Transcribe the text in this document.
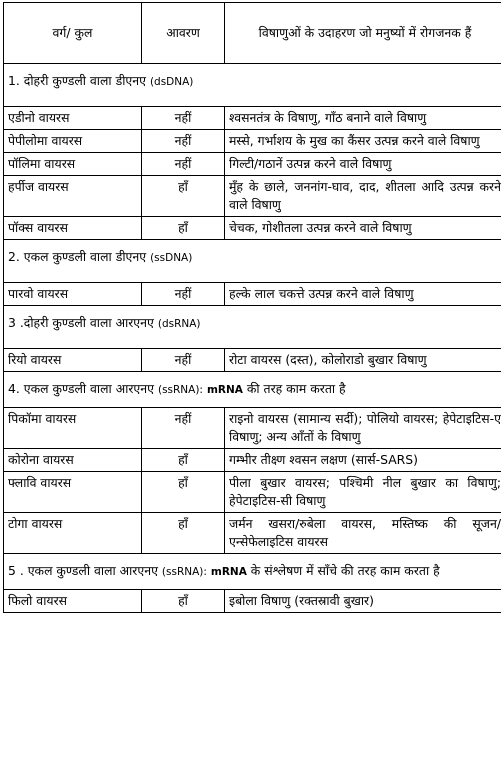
वर्ग/ कुल	आवरण	विषाणुओं के उदाहरण जो मनुष्यों में रोगजनक हैं
1. दोहरी कुण्डली वाला डीएनए (dsDNA)		
एडीनो वायरस	नहीं	श्वसनतंत्र के विषाणु, गाँठ बनाने वाले विषाणु
पेपीलोमा वायरस	नहीं	मस्से, गर्भाशय के मुख का कैंसर उत्पन्न करने वाले विषाणु
पॉलिमा वायरस	नहीं	गिल्टी/गठानें उत्पन्न करने वाले विषाणु
हर्पीज वायरस	हाँ	मुँह के छाले, जननांग-घाव, दाद, शीतला आदि उत्पन्न करने वाले विषाणु
पॉक्स वायरस	हाँ	चेचक, गोशीतला उत्पन्न करने वाले विषाणु
2. एकल कुण्डली वाला डीएनए (ssDNA)		
पारवो वायरस	नहीं	हल्के लाल चकत्ते उत्पन्न करने वाले विषाणु
3 .दोहरी कुण्डली वाला आरएनए (dsRNA)		
रियो वायरस	नहीं	रोटा वायरस (दस्त), कोलोराडो बुखार विषाणु
4. एकल कुण्डली वाला आरएनए (ssRNA): mRNA की तरह काम करता है		
पिकॉमा वायरस	नहीं	राइनो वायरस (सामान्य सर्दी); पोलियो वायरस; हेपेटाइटिस-ए विषाणु; अन्य आँतों के विषाणु
कोरोना वायरस	हाँ	गम्भीर तीक्ष्ण श्वसन लक्षण (सार्स-SARS)
फ्लावि वायरस	हाँ	पीला बुखार वायरस; पश्चिमी नील बुखार का विषाणु; हेपेटाइटिस-सी विषाणु
टोगा वायरस	हाँ	जर्मन खसरा/रुबेला वायरस, मस्तिष्क की सूजन/एन्सेफेलाइटिस वायरस
5 . एकल कुण्डली वाला आरएनए (ssRNA): mRNA के संश्लेषण में साँचे की तरह काम करता है		
फिलो वायरस	हाँ	इबोला विषाणु (रक्तस्रावी बुखार)
